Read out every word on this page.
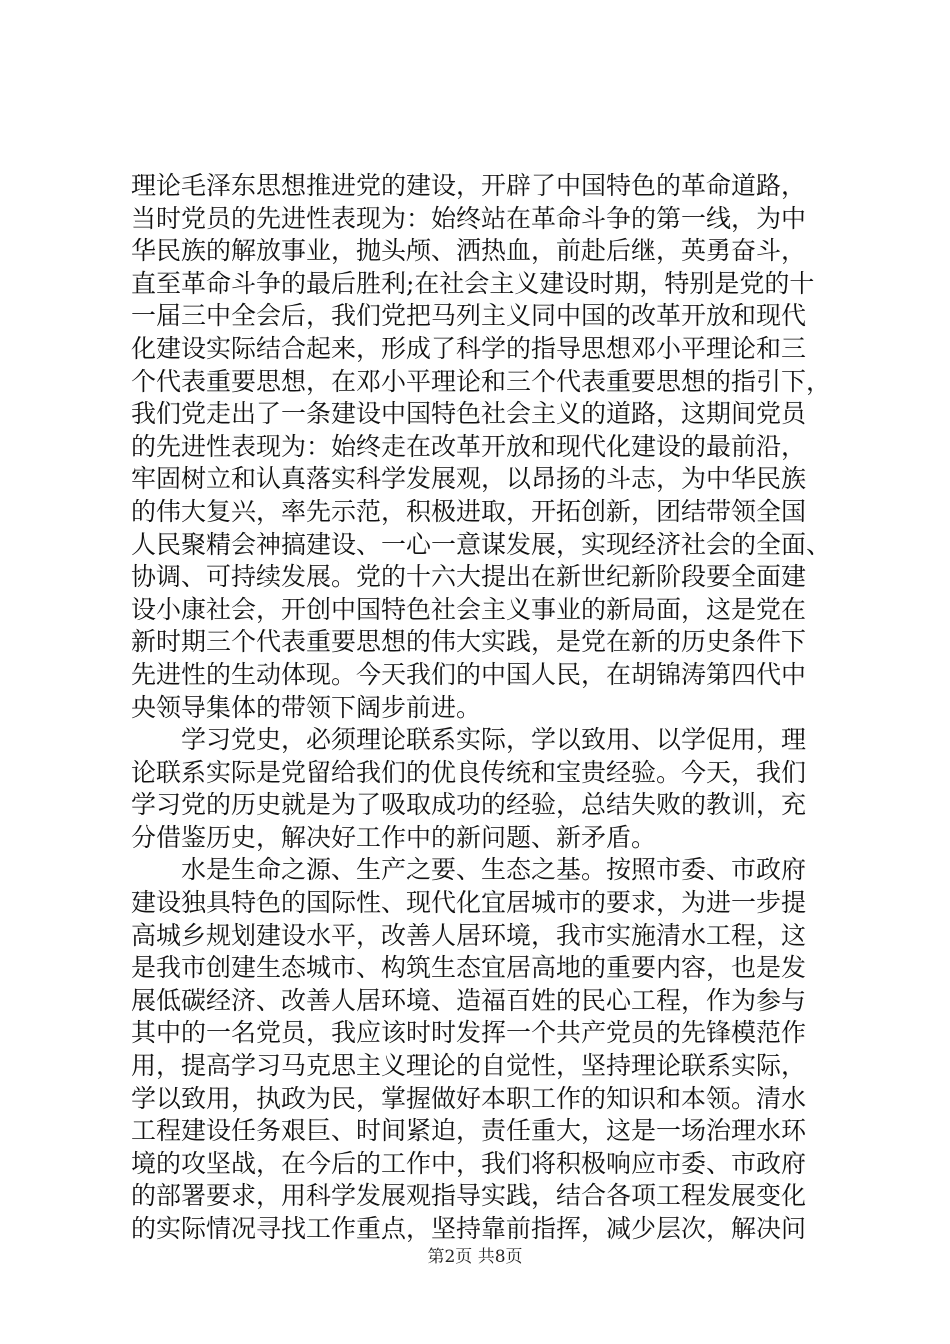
理论毛泽东思想推进党的建设，开辟了中国特色的革命道路，
当时党员的先进性表现为：始终站在革命斗争的第一线，为中
华民族的解放事业，抛头颅、洒热血，前赴后继，英勇奋斗，
直至革命斗争的最后胜利;在社会主义建设时期，特别是党的十
一届三中全会后，我们党把马列主义同中国的改革开放和现代
化建设实际结合起来，形成了科学的指导思想邓小平理论和三
个代表重要思想，在邓小平理论和三个代表重要思想的指引下，
我们党走出了一条建设中国特色社会主义的道路，这期间党员
的先进性表现为：始终走在改革开放和现代化建设的最前沿，
牢固树立和认真落实科学发展观，以昂扬的斗志，为中华民族
的伟大复兴，率先示范，积极进取，开拓创新，团结带领全国
人民聚精会神搞建设、一心一意谋发展，实现经济社会的全面、
协调、可持续发展。党的十六大提出在新世纪新阶段要全面建
设小康社会，开创中国特色社会主义事业的新局面，这是党在
新时期三个代表重要思想的伟大实践，是党在新的历史条件下
先进性的生动体现。今天我们的中国人民，在胡锦涛第四代中
央领导集体的带领下阔步前进。
学习党史，必须理论联系实际，学以致用、以学促用，理
论联系实际是党留给我们的优良传统和宝贵经验。今天，我们
学习党的历史就是为了吸取成功的经验，总结失败的教训，充
分借鉴历史，解决好工作中的新问题、新矛盾。
水是生命之源、生产之要、生态之基。按照市委、市政府
建设独具特色的国际性、现代化宜居城市的要求，为进一步提
高城乡规划建设水平，改善人居环境，我市实施清水工程，这
是我市创建生态城市、构筑生态宜居高地的重要内容，也是发
展低碳经济、改善人居环境、造福百姓的民心工程，作为参与
其中的一名党员，我应该时时发挥一个共产党员的先锋模范作
用，提高学习马克思主义理论的自觉性，坚持理论联系实际，
学以致用，执政为民，掌握做好本职工作的知识和本领。清水
工程建设任务艰巨、时间紧迫，责任重大，这是一场治理水环
境的攻坚战，在今后的工作中，我们将积极响应市委、市政府
的部署要求，用科学发展观指导实践，结合各项工程发展变化
的实际情况寻找工作重点，坚持靠前指挥，减少层次，解决问
第2页 共8页
